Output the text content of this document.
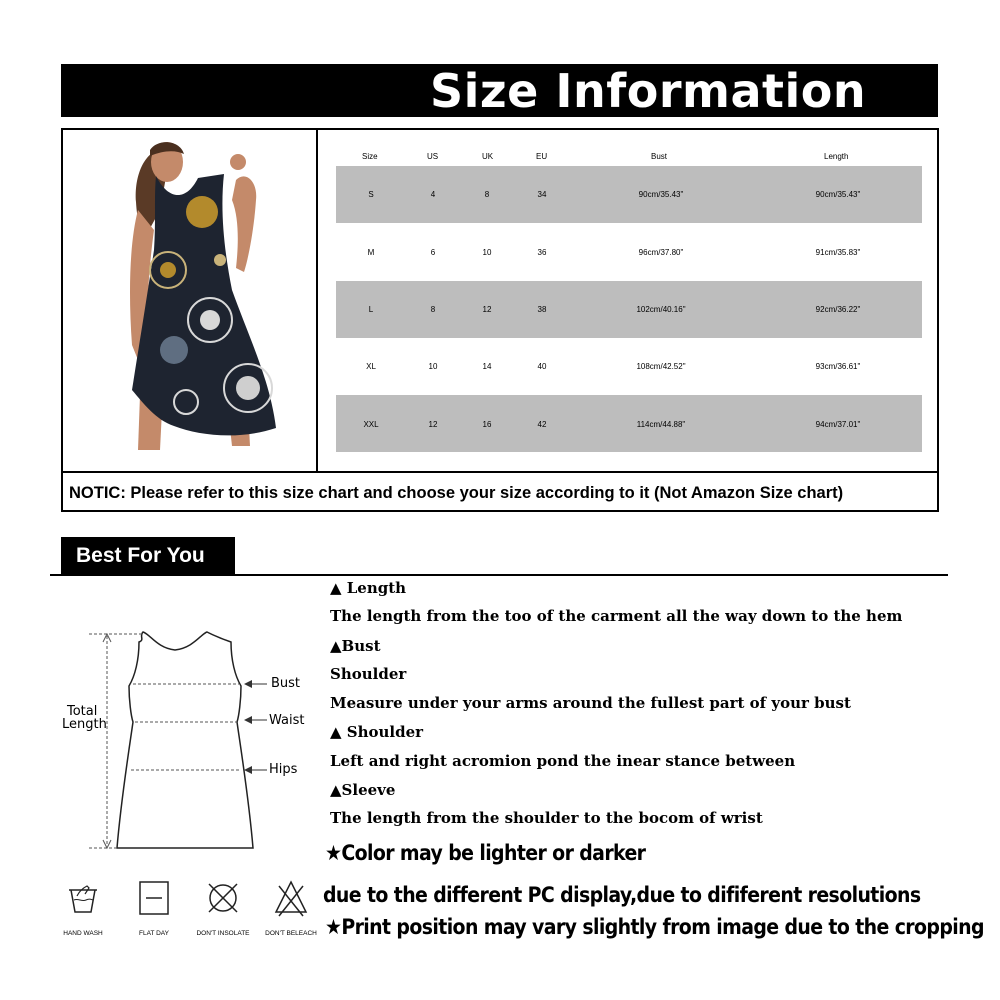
Size Information
Size	US	UK	EU	Bust	Length
S	4	8	34	90cm/35.43"	90cm/35.43"
M	6	10	36	96cm/37.80"	91cm/35.83"
L	8	12	38	102cm/40.16"	92cm/36.22"
XL	10	14	40	108cm/42.52"	93cm/36.61"
XXL	12	16	42	114cm/44.88"	94cm/37.01"
NOTIC: Please refer to this size chart and choose your size according to it (Not Amazon Size chart)
Best For You
Total
Length
Bust
Waist
Hips
HAND WASH	FLAT DAY	DON'T INSOLATE DON'T BELEACH
▲ Length
The length from the too of the carment all the way down to the hem
▲Bust
Shoulder
Measure under your arms around the fullest part of your bust
▲ Shoulder
Left and right acromion pond the inear stance between
▲Sleeve
The length from the shoulder to the bocom of wrist
★Color may be lighter or darker
due to the different PC display,due to dififerent resolutions
★Print position may vary slightly from image due to the cropping
